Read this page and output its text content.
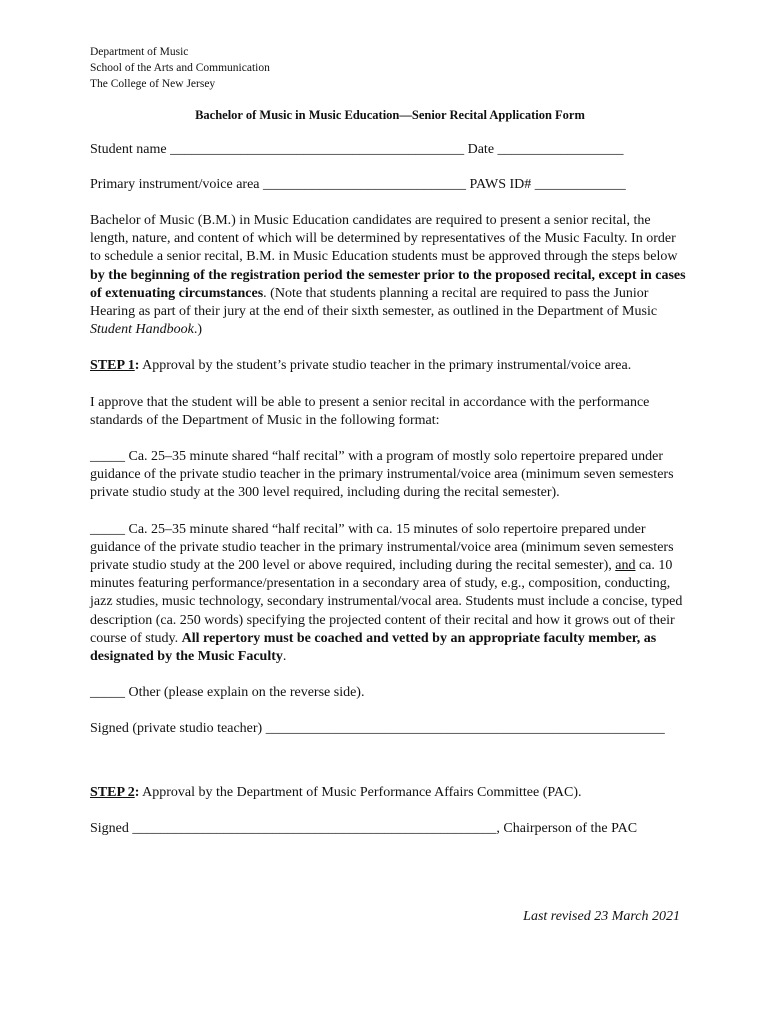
Department of Music

School of the Arts and Communication

The College of New Jersey

Bachelor of Music in Music Education—Senior Recital Application Form

Student name __________________________________________ Date __________________

Primary instrument/voice area _____________________________ PAWS ID# _____________

Bachelor of Music (B.M.) in Music Education candidates are required to present a senior recital, the length, nature, and content of which will be determined by representatives of the Music Faculty. In order to schedule a senior recital, B.M. in Music Education students must be approved through the steps below by the beginning of the registration period the semester prior to the proposed recital, except in cases of extenuating circumstances. (Note that students planning a recital are required to pass the Junior Hearing as part of their jury at the end of their sixth semester, as outlined in the Department of Music Student Handbook.)

STEP 1: Approval by the student’s private studio teacher in the primary instrumental/voice area.

I approve that the student will be able to present a senior recital in accordance with the performance standards of the Department of Music in the following format:

_____ Ca. 25–35 minute shared “half recital” with a program of mostly solo repertoire prepared under guidance of the private studio teacher in the primary instrumental/voice area (minimum seven semesters private studio study at the 300 level required, including during the recital semester).

_____ Ca. 25–35 minute shared “half recital” with ca. 15 minutes of solo repertoire prepared under guidance of the private studio teacher in the primary instrumental/voice area (minimum seven semesters private studio study at the 200 level or above required, including during the recital semester), and ca. 10 minutes featuring performance/presentation in a secondary area of study, e.g., composition, conducting, jazz studies, music technology, secondary instrumental/vocal area. Students must include a concise, typed description (ca. 250 words) specifying the projected content of their recital and how it grows out of their course of study. All repertory must be coached and vetted by an appropriate faculty member, as designated by the Music Faculty.

_____ Other (please explain on the reverse side).

Signed (private studio teacher) _________________________________________________________

STEP 2: Approval by the Department of Music Performance Affairs Committee (PAC).

Signed ____________________________________________________, Chairperson of the PAC

Last revised 23 March 2021
